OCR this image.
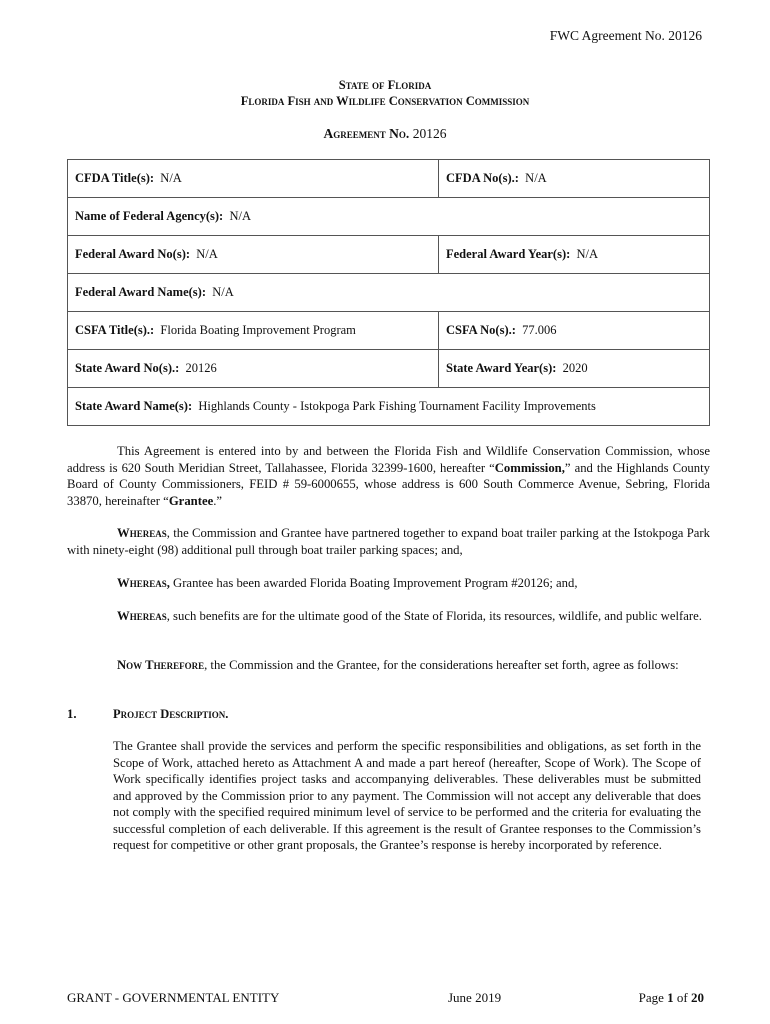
FWC Agreement No. 20126
State of Florida
Florida Fish and Wildlife Conservation Commission
Agreement No. 20126
CFDA Title(s): N/A	CFDA No(s).: N/A
Name of Federal Agency(s): N/A	
Federal Award No(s): N/A	Federal Award Year(s): N/A
Federal Award Name(s): N/A	
CSFA Title(s).: Florida Boating Improvement Program	CSFA No(s).: 77.006
State Award No(s).: 20126	State Award Year(s): 2020
State Award Name(s): Highlands County - Istokpoga Park Fishing Tournament Facility Improvements	
This Agreement is entered into by and between the Florida Fish and Wildlife Conservation Commission, whose address is 620 South Meridian Street, Tallahassee, Florida 32399-1600, hereafter “Commission,” and the Highlands County Board of County Commissioners, FEID # 59-6000655, whose address is 600 South Commerce Avenue, Sebring, Florida 33870, hereinafter “Grantee.”
Whereas, the Commission and Grantee have partnered together to expand boat trailer parking at the Istokpoga Park with ninety-eight (98) additional pull through boat trailer parking spaces; and,
Whereas, Grantee has been awarded Florida Boating Improvement Program #20126; and,
Whereas, such benefits are for the ultimate good of the State of Florida, its resources, wildlife, and public welfare.
Now Therefore, the Commission and the Grantee, for the considerations hereafter set forth, agree as follows:
1.	Project Description.
The Grantee shall provide the services and perform the specific responsibilities and obligations, as set forth in the Scope of Work, attached hereto as Attachment A and made a part hereof (hereafter, Scope of Work). The Scope of Work specifically identifies project tasks and accompanying deliverables. These deliverables must be submitted and approved by the Commission prior to any payment. The Commission will not accept any deliverable that does not comply with the specified required minimum level of service to be performed and the criteria for evaluating the successful completion of each deliverable. If this agreement is the result of Grantee responses to the Commission’s request for competitive or other grant proposals, the Grantee’s response is hereby incorporated by reference.
GRANT - GOVERNMENTAL ENTITY	June 2019	Page 1 of 20
